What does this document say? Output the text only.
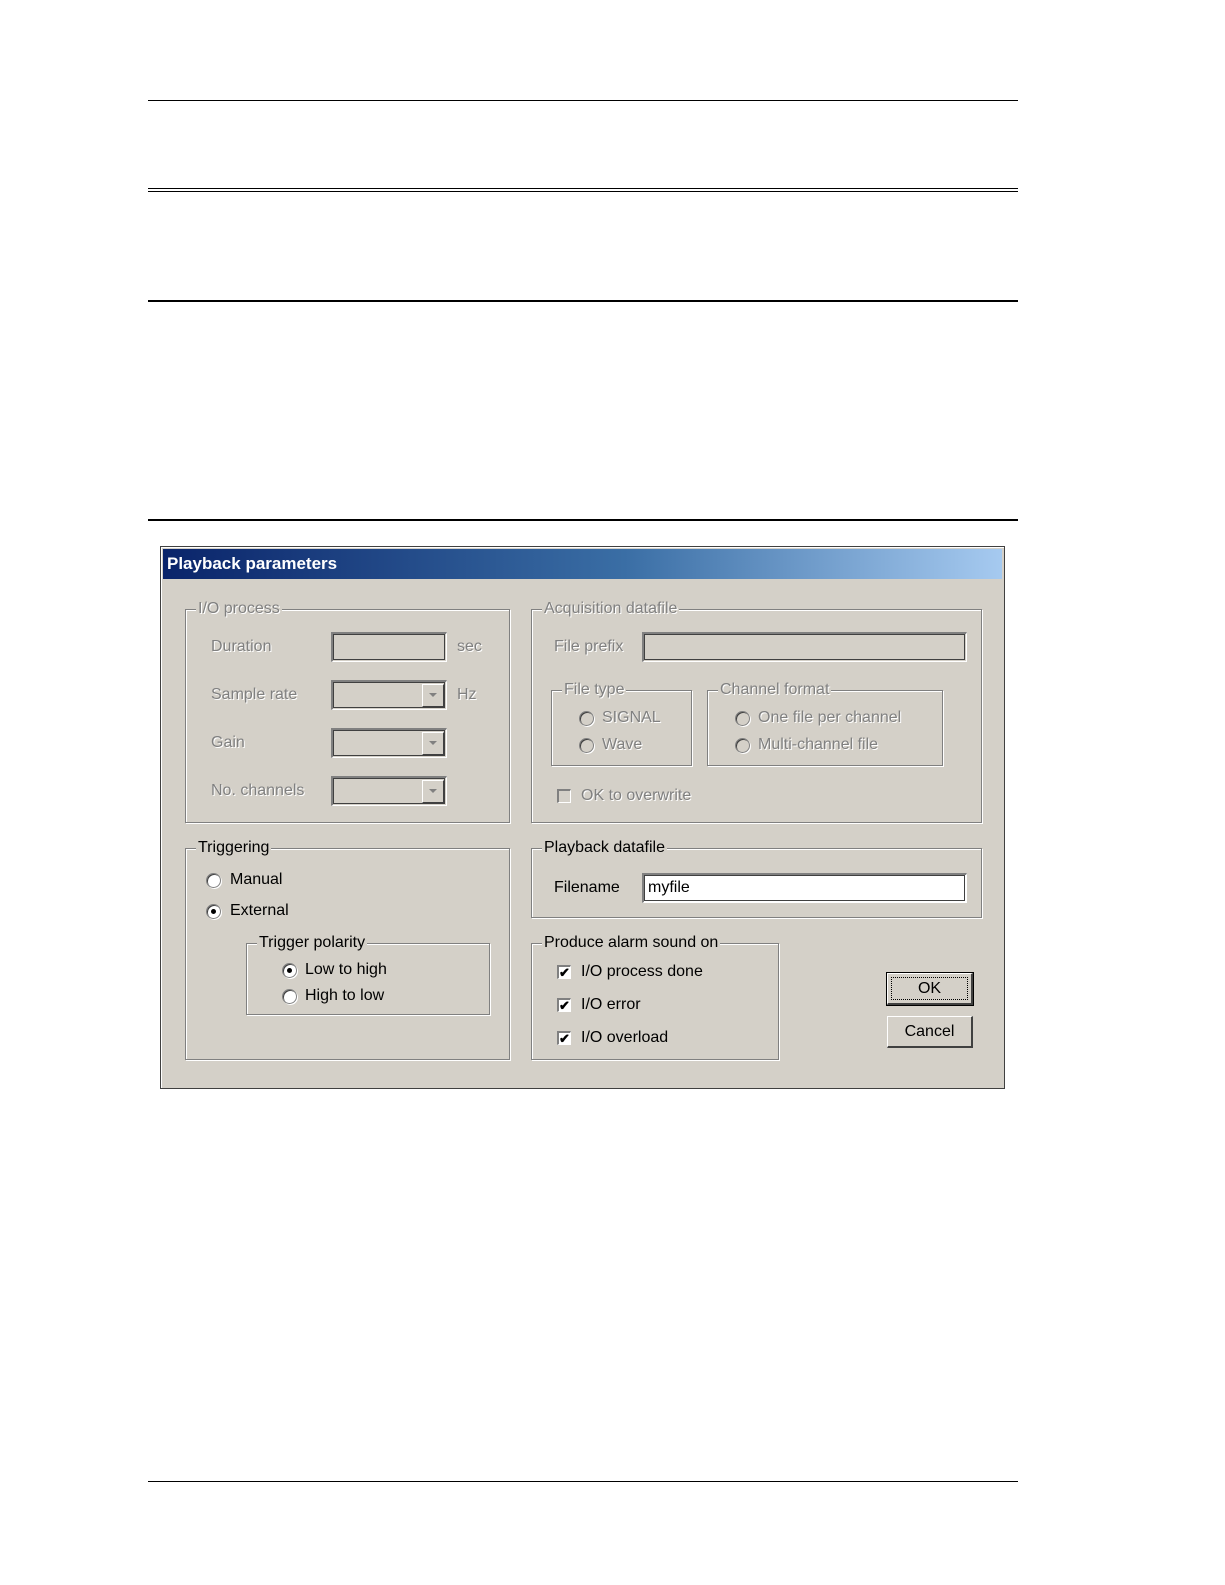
Playback parameters
I/O process
Duration	sec
Sample rate	Hz
Gain
No. channels
Acquisition datafile
File prefix
File type
SIGNAL
Wave
Channel format
One file per channel
Multi-channel file
OK to overwrite
Triggering
Manual
External
Trigger polarity
Low to high
High to low
Playback datafile
Filename	myfile
Produce alarm sound on
✔ I/O process done
✔ I/O error
✔ I/O overload
OK
Cancel
